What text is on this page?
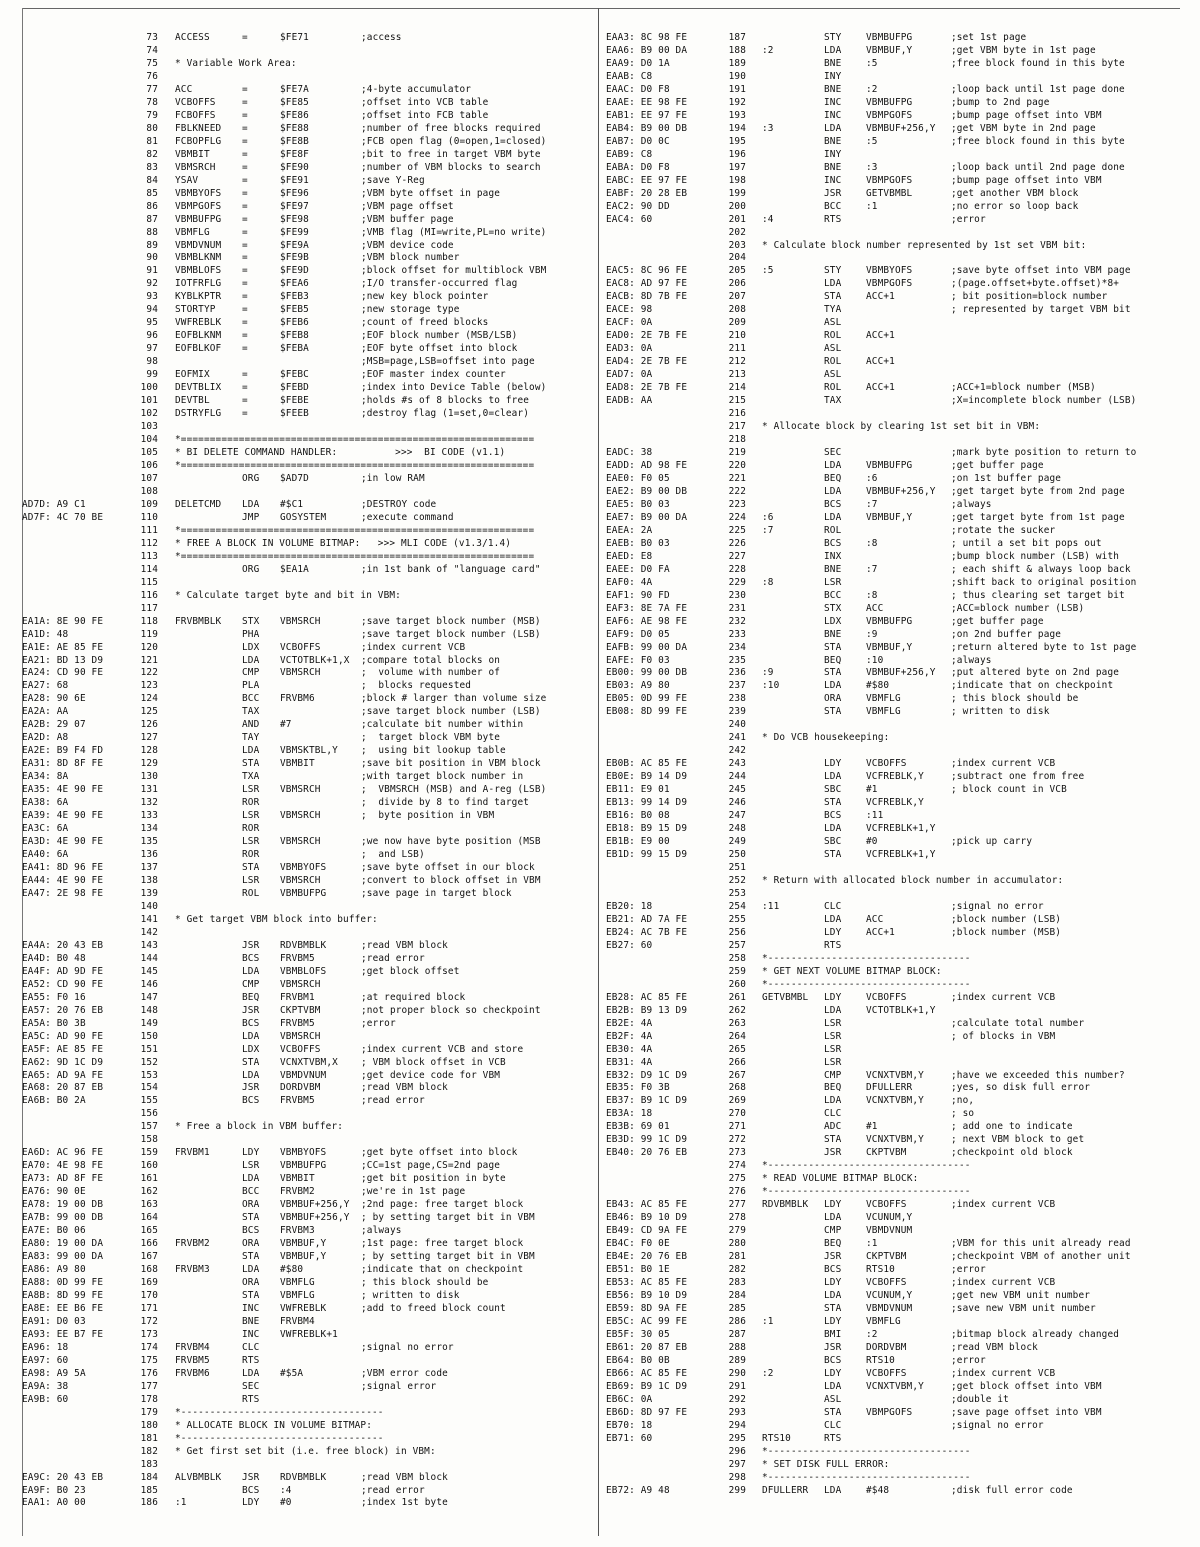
73 ACCESS	=	$FE71	;access
74
75 * Variable Work Area:
76
77 ACC	=	$FE7A	;4-byte accumulator
78 VCBOFFS	=	$FE85	;offset into VCB table
79 FCBOFFS	=	$FE86	;offset into FCB table
80 FBLKNEED =	$FE88	;number of free blocks required
81 FCBOPFLG =	$FE8B	;FCB open flag (0=open,1=closed)
82 VBMBIT	=	$FE8F	;bit to free in target VBM byte
83 VBMSRCH	=	$FE90	;number of VBM blocks to search
84 YSAV	=	$FE91	;save Y-Reg
85 VBMBYOFS =	$FE96	;VBM byte offset in page
86 VBMPGOFS =	$FE97	;VBM page offset
87 VBMBUFPG =	$FE98	;VBM buffer page
88 VBMFLG	=	$FE99	;VMB flag (MI=write,PL=no write)
89 VBMDVNUM =	$FE9A	;VBM device code
90 VBMBLKNM =	$FE9B	;VBM block number
91 VBMBLOFS =	$FE9D	;block offset for multiblock VBM
92 IOTFRFLG =	$FEA6	;I/O transfer-occurred flag
93 KYBLKPTR =	$FEB3	;new key block pointer
94 STORTYP	=	$FEB5	;new storage type
95 VWFREBLK =	$FEB6	;count of freed blocks
96 EOFBLKNM =	$FEB8	;EOF block number (MSB/LSB)
97 EOFBLKOF =	$FEBA	;EOF byte offset into block
98	;MSB=page,LSB=offset into page
99 EOFMIX	=	$FEBC	;EOF master index counter
100 DEVTBLIX =	$FEBD	;index into Device Table (below)
101 DEVTBL	=	$FEBE	;holds #s of 8 blocks to free
102 DSTRYFLG =	$FEEB	;destroy flag (1=set,0=clear)
103
104 *=============================================================
105 * BI DELETE COMMAND HANDLER:          >>>  BI CODE (v1.1)
106 *=============================================================
107	ORG $AD7D	;in low RAM
108
AD7D: A9 C1	109 DELETCMD LDA #$C1	;DESTROY code
AD7F: 4C 70 BE	110	JMP GOSYSTEM	;execute command
111 *=============================================================
112 * FREE A BLOCK IN VOLUME BITMAP:   >>> MLI CODE (v1.3/1.4)
113 *=============================================================
114	ORG $EA1A	;in 1st bank of "language card"
115
116 * Calculate target byte and bit in VBM:
117
EA1A: 8E 90 FE	118 FRVBMBLK STX VBMSRCH	;save target block number (MSB)
EA1D: 48	119	PHA	;save target block number (LSB)
EA1E: AE 85 FE	120	LDX VCBOFFS	;index current VCB
EA21: BD 13 D9	121	LDA VCTOTBLK+1,X ;compare total blocks on
EA24: CD 90 FE	122	CMP VBMSRCH	;  volume with number of
EA27: 68	123	PLA	;  blocks requested
EA28: 90 6E	124	BCC FRVBM6	;block # larger than volume size
EA2A: AA	125	TAX	;save target block number (LSB)
EA2B: 29 07	126	AND #7	;calculate bit number within
EA2D: A8	127	TAY	;  target block VBM byte
EA2E: B9 F4 FD	128	LDA VBMSKTBL,Y ;  using bit lookup table
EA31: 8D 8F FE	129	STA VBMBIT	;save bit position in VBM block
EA34: 8A	130	TXA	;with target block number in
EA35: 4E 90 FE	131	LSR VBMSRCH	;  VBMSRCH (MSB) and A-reg (LSB)
EA38: 6A	132	ROR	;  divide by 8 to find target
EA39: 4E 90 FE	133	LSR VBMSRCH	;  byte position in VBM
EA3C: 6A	134	ROR
EA3D: 4E 90 FE	135	LSR VBMSRCH	;we now have byte position (MSB
EA40: 6A	136	ROR	;  and LSB)
EA41: 8D 96 FE	137	STA VBMBYOFS	;save byte offset in our block
EA44: 4E 90 FE	138	LSR VBMSRCH	;convert to block offset in VBM
EA47: 2E 98 FE	139	ROL VBMBUFPG	;save page in target block
140
141 * Get target VBM block into buffer:
142
EA4A: 20 43 EB	143	JSR RDVBMBLK	;read VBM block
EA4D: B0 48	144	BCS FRVBM5	;read error
EA4F: AD 9D FE	145	LDA VBMBLOFS	;get block offset
EA52: CD 90 FE	146	CMP VBMSRCH
EA55: F0 16	147	BEQ FRVBM1	;at required block
EA57: 20 76 EB	148	JSR CKPTVBM	;not proper block so checkpoint
EA5A: B0 3B	149	BCS FRVBM5	;error
EA5C: AD 90 FE	150	LDA VBMSRCH
EA5F: AE 85 FE	151	LDX VCBOFFS	;index current VCB and store
EA62: 9D 1C D9	152	STA VCNXTVBM,X ; VBM block offset in VCB
EA65: AD 9A FE	153	LDA VBMDVNUM	;get device code for VBM
EA68: 20 87 EB	154	JSR DORDVBM	;read VBM block
EA6B: B0 2A	155	BCS FRVBM5	;read error
156
157 * Free a block in VBM buffer:
158
EA6D: AC 96 FE	159 FRVBM1	LDY VBMBYOFS	;get byte offset into block
EA70: 4E 98 FE	160	LSR VBMBUFPG	;CC=1st page,CS=2nd page
EA73: AD 8F FE	161	LDA VBMBIT	;get bit position in byte
EA76: 90 0E	162	BCC FRVBM2	;we're in 1st page
EA78: 19 00 DB	163	ORA VBMBUF+256,Y ;2nd page: free target block
EA7B: 99 00 DB	164	STA VBMBUF+256,Y ; by setting target bit in VBM
EA7E: B0 06	165	BCS FRVBM3	;always
EA80: 19 00 DA	166 FRVBM2	ORA VBMBUF,Y	;1st page: free target block
EA83: 99 00 DA	167	STA VBMBUF,Y	; by setting target bit in VBM
EA86: A9 80	168 FRVBM3	LDA #$80	;indicate that on checkpoint
EA88: 0D 99 FE	169	ORA VBMFLG	; this block should be
EA8B: 8D 99 FE	170	STA VBMFLG	; written to disk
EA8E: EE B6 FE	171	INC VWFREBLK	;add to freed block count
EA91: D0 03	172	BNE FRVBM4
EA93: EE B7 FE	173	INC VWFREBLK+1
EA96: 18	174 FRVBM4	CLC	;signal no error
EA97: 60	175 FRVBM5	RTS
EA98: A9 5A	176 FRVBM6	LDA #$5A	;VBM error code
EA9A: 38	177	SEC	;signal error
EA9B: 60	178	RTS
179 *-----------------------------------
180 * ALLOCATE BLOCK IN VOLUME BITMAP:
181 *-----------------------------------
182 * Get first set bit (i.e. free block) in VBM:
183
EA9C: 20 43 EB	184 ALVBMBLK JSR RDVBMBLK	;read VBM block
EA9F: B0 23	185	BCS :4	;read error
EAA1: A0 00	186 :1	LDY #0	;index 1st byte
EAA3: 8C 98 FE	187	STY	VBMBUFPG	;set 1st page
EAA6: B9 00 DA	188 :2	LDA	VBMBUF,Y	;get VBM byte in 1st page
EAA9: D0 1A	189	BNE	:5	;free block found in this byte
EAAB: C8	190	INY
EAAC: D0 F8	191	BNE	:2	;loop back until 1st page done
EAAE: EE 98 FE	192	INC	VBMBUFPG	;bump to 2nd page
EAB1: EE 97 FE	193	INC	VBMPGOFS	;bump page offset into VBM
EAB4: B9 00 DB	194 :3	LDA	VBMBUF+256,Y ;get VBM byte in 2nd page
EAB7: D0 0C	195	BNE	:5	;free block found in this byte
EAB9: C8	196	INY
EABA: D0 F8	197	BNE	:3	;loop back until 2nd page done
EABC: EE 97 FE	198	INC	VBMPGOFS	;bump page offset into VBM
EABF: 20 28 EB	199	JSR	GETVBMBL	;get another VBM block
EAC2: 90 DD	200	BCC	:1	;no error so loop back
EAC4: 60	201 :4	RTS	;error
202
203 * Calculate block number represented by 1st set VBM bit:
204
EAC5: 8C 96 FE	205 :5	STY	VBMBYOFS	;save byte offset into VBM page
EAC8: AD 97 FE	206	LDA	VBMPGOFS	;(page.offset+byte.offset)*8+
EACB: 8D 7B FE	207	STA	ACC+1	; bit position=block number
EACE: 98	208	TYA	; represented by target VBM bit
EACF: 0A	209	ASL
EAD0: 2E 7B FE	210	ROL	ACC+1
EAD3: 0A	211	ASL
EAD4: 2E 7B FE	212	ROL	ACC+1
EAD7: 0A	213	ASL
EAD8: 2E 7B FE	214	ROL	ACC+1	;ACC+1=block number (MSB)
EADB: AA	215	TAX	;X=incomplete block number (LSB)
216
217 * Allocate block by clearing 1st set bit in VBM:
218
EADC: 38	219	SEC	;mark byte position to return to
EADD: AD 98 FE	220	LDA	VBMBUFPG	;get buffer page
EAE0: F0 05	221	BEQ	:6	;on 1st buffer page
EAE2: B9 00 DB	222	LDA	VBMBUF+256,Y ;get target byte from 2nd page
EAE5: B0 03	223	BCS	:7	;always
EAE7: B9 00 DA	224 :6	LDA	VBMBUF,Y	;get target byte from 1st page
EAEA: 2A	225 :7	ROL	;rotate the sucker
EAEB: B0 03	226	BCS	:8	; until a set bit pops out
EAED: E8	227	INX	;bump block number (LSB) with
EAEE: D0 FA	228	BNE	:7	; each shift & always loop back
EAF0: 4A	229 :8	LSR	;shift back to original position
EAF1: 90 FD	230	BCC	:8	; thus clearing set target bit
EAF3: 8E 7A FE	231	STX	ACC	;ACC=block number (LSB)
EAF6: AE 98 FE	232	LDX	VBMBUFPG	;get buffer page
EAF9: D0 05	233	BNE	:9	;on 2nd buffer page
EAFB: 99 00 DA	234	STA	VBMBUF,Y	;return altered byte to 1st page
EAFE: F0 03	235	BEQ	:10	;always
EB00: 99 00 DB	236 :9	STA	VBMBUF+256,Y ;put altered byte on 2nd page
EB03: A9 80	237 :10	LDA	#$80	;indicate that on checkpoint
EB05: 0D 99 FE	238	ORA	VBMFLG	; this block should be
EB08: 8D 99 FE	239	STA	VBMFLG	; written to disk
240
241 * Do VCB housekeeping:
242
EB0B: AC 85 FE	243	LDY	VCBOFFS	;index current VCB
EB0E: B9 14 D9	244	LDA	VCFREBLK,Y	;subtract one from free
EB11: E9 01	245	SBC	#1	; block count in VCB
EB13: 99 14 D9	246	STA	VCFREBLK,Y
EB16: B0 08	247	BCS	:11
EB18: B9 15 D9	248	LDA	VCFREBLK+1,Y
EB1B: E9 00	249	SBC	#0	;pick up carry
EB1D: 99 15 D9	250	STA	VCFREBLK+1,Y
251
252 * Return with allocated block number in accumulator:
253
EB20: 18	254 :11	CLC	;signal no error
EB21: AD 7A FE	255	LDA	ACC	;block number (LSB)
EB24: AC 7B FE	256	LDY	ACC+1	;block number (MSB)
EB27: 60	257	RTS
258 *-----------------------------------
259 * GET NEXT VOLUME BITMAP BLOCK:
260 *-----------------------------------
EB28: AC 85 FE	261 GETVBMBL LDY	VCBOFFS	;index current VCB
EB2B: B9 13 D9	262	LDA	VCTOTBLK+1,Y
EB2E: 4A	263	LSR	;calculate total number
EB2F: 4A	264	LSR	; of blocks in VBM
EB30: 4A	265	LSR
EB31: 4A	266	LSR
EB32: D9 1C D9	267	CMP	VCNXTVBM,Y	;have we exceeded this number?
EB35: F0 3B	268	BEQ	DFULLERR	;yes, so disk full error
EB37: B9 1C D9	269	LDA	VCNXTVBM,Y	;no,
EB3A: 18	270	CLC	; so
EB3B: 69 01	271	ADC	#1	; add one to indicate
EB3D: 99 1C D9	272	STA	VCNXTVBM,Y	; next VBM block to get
EB40: 20 76 EB	273	JSR	CKPTVBM	;checkpoint old block
274 *-----------------------------------
275 * READ VOLUME BITMAP BLOCK:
276 *-----------------------------------
EB43: AC 85 FE	277 RDVBMBLK LDY	VCBOFFS	;index current VCB
EB46: B9 10 D9	278	LDA	VCUNUM,Y
EB49: CD 9A FE	279	CMP	VBMDVNUM
EB4C: F0 0E	280	BEQ	:1	;VBM for this unit already read
EB4E: 20 76 EB	281	JSR	CKPTVBM	;checkpoint VBM of another unit
EB51: B0 1E	282	BCS	RTS10	;error
EB53: AC 85 FE	283	LDY	VCBOFFS	;index current VCB
EB56: B9 10 D9	284	LDA	VCUNUM,Y	;get new VBM unit number
EB59: 8D 9A FE	285	STA	VBMDVNUM	;save new VBM unit number
EB5C: AC 99 FE	286 :1	LDY	VBMFLG
EB5F: 30 05	287	BMI	:2	;bitmap block already changed
EB61: 20 87 EB	288	JSR	DORDVBM	;read VBM block
EB64: B0 0B	289	BCS	RTS10	;error
EB66: AC 85 FE	290 :2	LDY	VCBOFFS	;index current VCB
EB69: B9 1C D9	291	LDA	VCNXTVBM,Y	;get block offset into VBM
EB6C: 0A	292	ASL	;double it
EB6D: 8D 97 FE	293	STA	VBMPGOFS	;save page offset into VBM
EB70: 18	294	CLC	;signal no error
EB71: 60	295 RTS10	RTS
296 *-----------------------------------
297 * SET DISK FULL ERROR:
298 *-----------------------------------
EB72: A9 48	299 DFULLERR LDA	#$48	;disk full error code
